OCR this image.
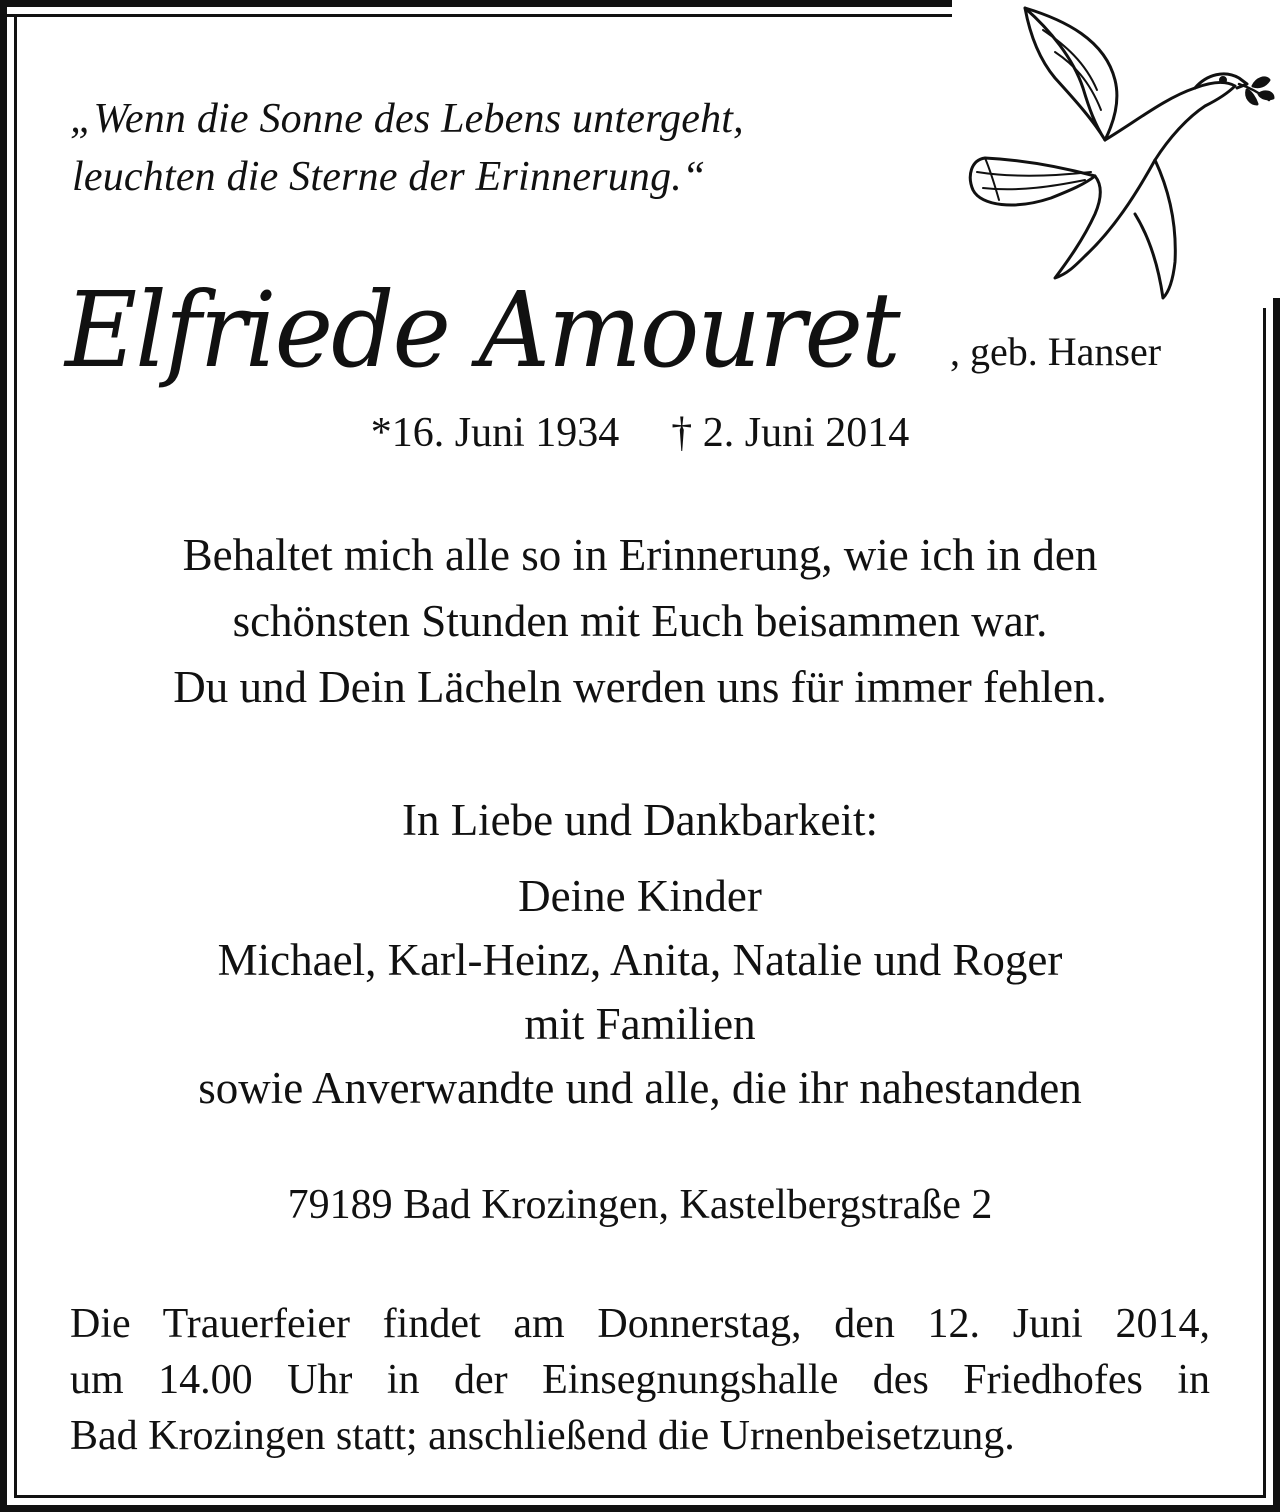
„Wenn die Sonne des Lebens untergeht,
leuchten die Sterne der Erinnerung.“
Elfriede Amouret , geb. Hanser
*16. Juni 1934 † 2. Juni 2014
Behaltet mich alle so in Erinnerung, wie ich in den
schönsten Stunden mit Euch beisammen war.
Du und Dein Lächeln werden uns für immer fehlen.
In Liebe und Dankbarkeit:
Deine Kinder
Michael, Karl-Heinz, Anita, Natalie und Roger
mit Familien
sowie Anverwandte und alle, die ihr nahestanden
79189 Bad Krozingen, Kastelbergstraße 2
Die Trauerfeier findet am Donnerstag, den 12. Juni 2014,
um 14.00 Uhr in der Einsegnungshalle des Friedhofes in
Bad Krozingen statt; anschließend die Urnenbeisetzung.
